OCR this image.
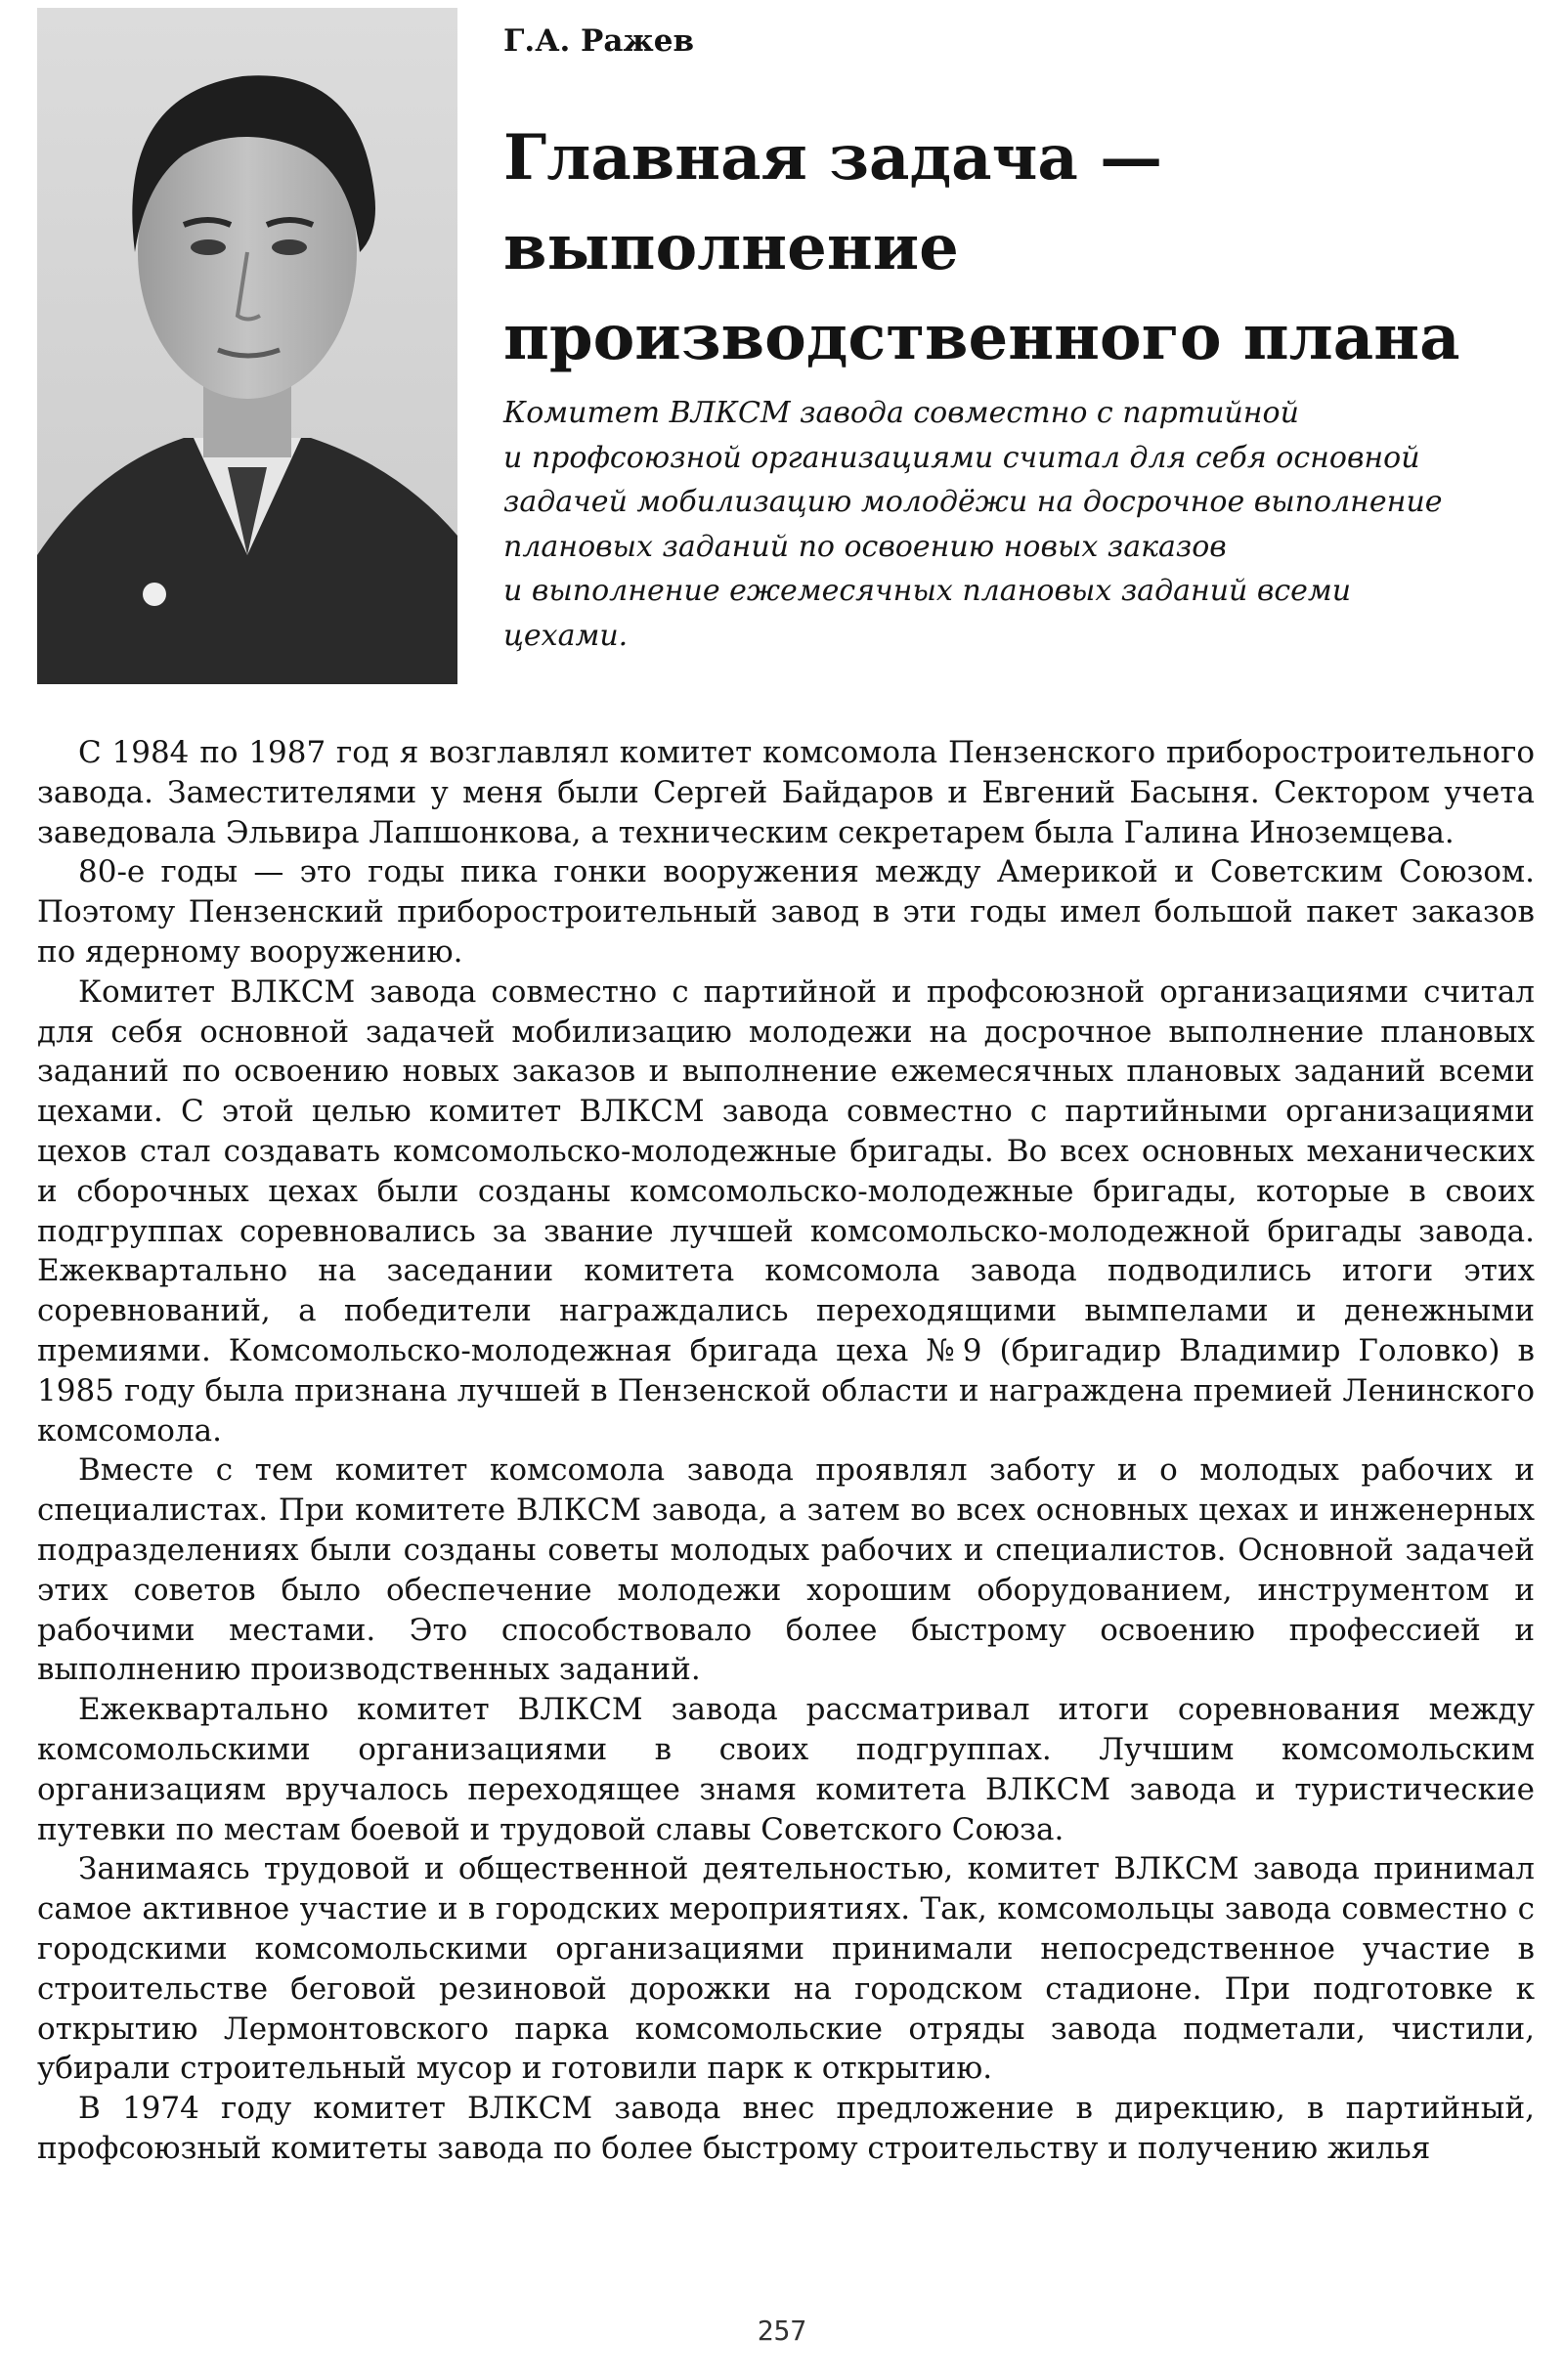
Г.А. Ражев

Главная задача —
выполнение
производственного плана

Комитет ВЛКСМ завода совместно с партийной
и профсоюзной организациями считал для себя основной
задачей мобилизацию молодёжи на досрочное выполнение
плановых заданий по освоению новых заказов
и выполнение ежемесячных плановых заданий всеми
цехами.

С 1984 по 1987 год я возглавлял комитет комсомола Пензенского приборостроительного завода. Заместителями у меня были Сергей Байдаров и Евгений Басыня. Сектором учета заведовала Эльвира Лапшонкова, а техническим секретарем была Галина Иноземцева.

80-е годы — это годы пика гонки вооружения между Америкой и Советским Союзом. Поэтому Пензенский приборостроительный завод в эти годы имел большой пакет заказов по ядерному вооружению.

Комитет ВЛКСМ завода совместно с партийной и профсоюзной организациями считал для себя основной задачей мобилизацию молодежи на досрочное выполнение плановых заданий по освоению новых заказов и выполнение ежемесячных плановых заданий всеми цехами. С этой целью комитет ВЛКСМ завода совместно с партийными организациями цехов стал создавать комсомольско-молодежные бригады. Во всех основных механических и сборочных цехах были созданы комсомольско-молодежные бригады, которые в своих подгруппах соревновались за звание лучшей комсомольско-молодежной бригады завода. Ежеквартально на заседании комитета комсомола завода подводились итоги этих соревнований, а победители награждались переходящими вымпелами и денежными премиями. Комсомольско-молодежная бригада цеха №9 (бригадир Владимир Головко) в 1985 году была признана лучшей в Пензенской области и награждена премией Ленинского комсомола.

Вместе с тем комитет комсомола завода проявлял заботу и о молодых рабочих и специалистах. При комитете ВЛКСМ завода, а затем во всех основных цехах и инженерных подразделениях были созданы советы молодых рабочих и специалистов. Основной задачей этих советов было обеспечение молодежи хорошим оборудованием, инструментом и рабочими местами. Это способствовало более быстрому освоению профессией и выполнению производственных заданий.

Ежеквартально комитет ВЛКСМ завода рассматривал итоги соревнования между комсомольскими организациями в своих подгруппах. Лучшим комсомольским организациям вручалось переходящее знамя комитета ВЛКСМ завода и туристические путевки по местам боевой и трудовой славы Советского Союза.

Занимаясь трудовой и общественной деятельностью, комитет ВЛКСМ завода принимал самое активное участие и в городских мероприятиях. Так, комсомольцы завода совместно с городскими комсомольскими организациями принимали непосредственное участие в строительстве беговой резиновой дорожки на городском стадионе. При подготовке к открытию Лермонтовского парка комсомольские отряды завода подметали, чистили, убирали строительный мусор и готовили парк к открытию.

В 1974 году комитет ВЛКСМ завода внес предложение в дирекцию, в партийный, профсоюзный комитеты завода по более быстрому строительству и получению жилья

257
